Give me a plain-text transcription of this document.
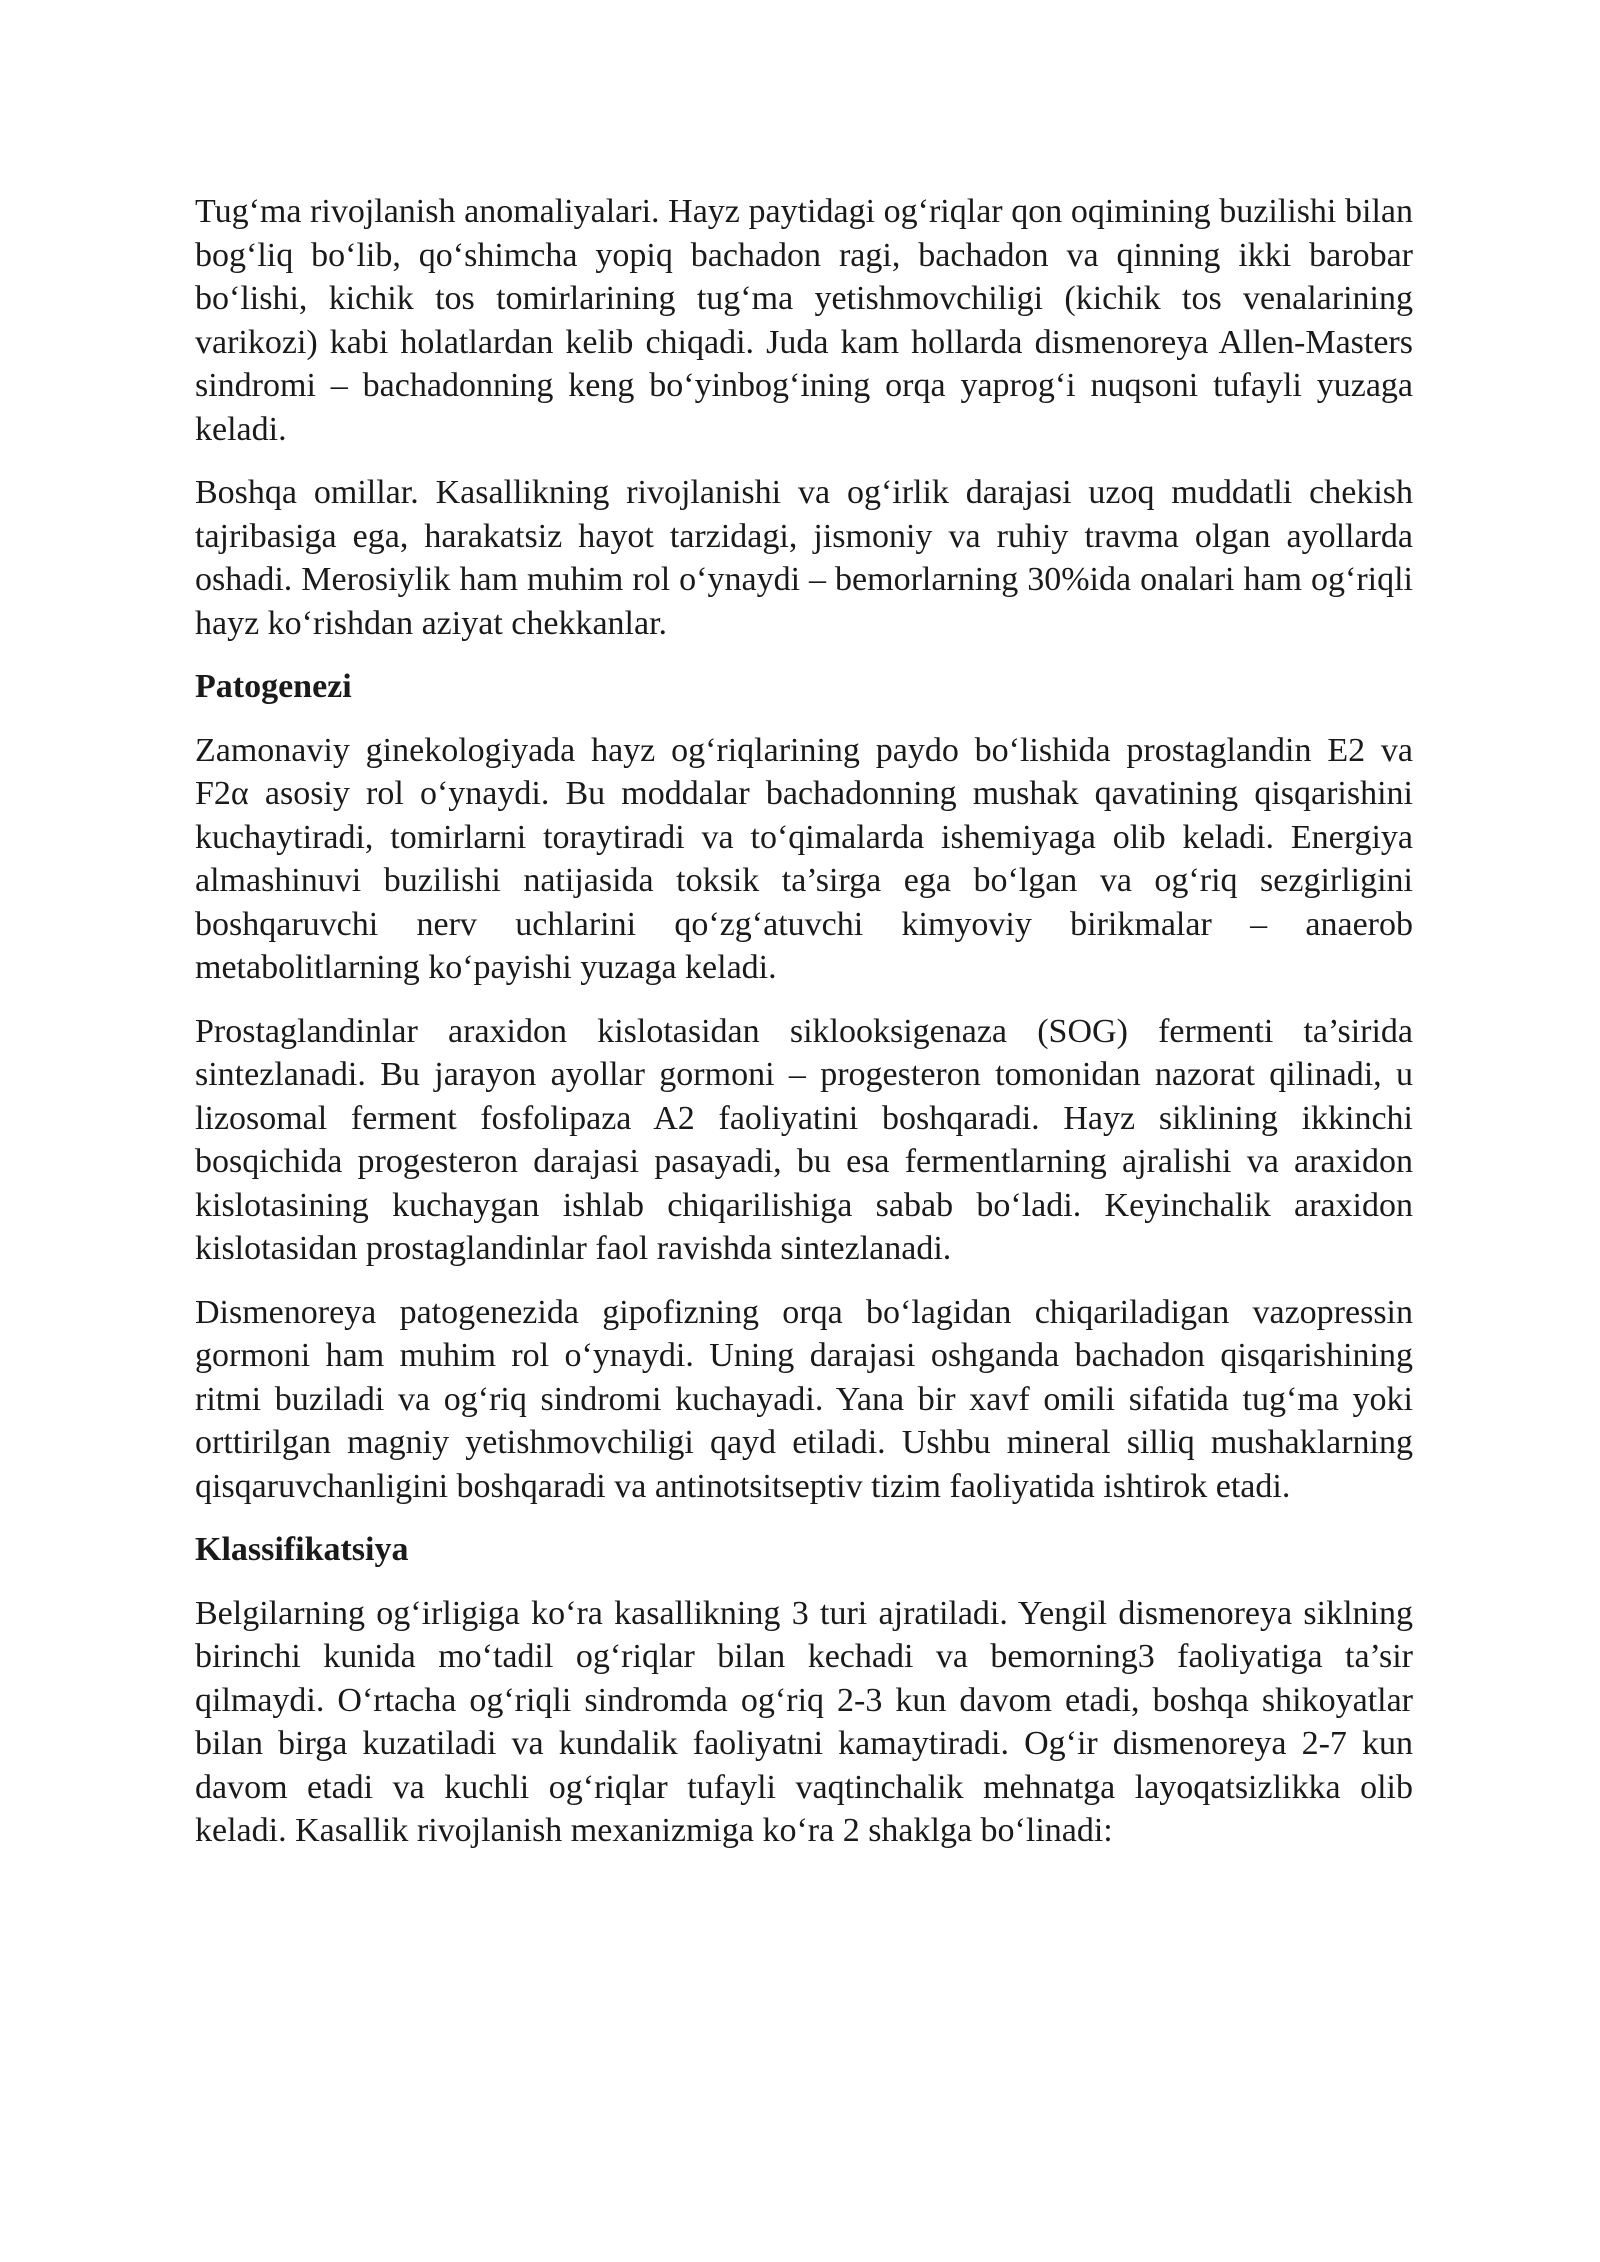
Tug‘ma rivojlanish anomaliyalari. Hayz paytidagi og‘riqlar qon oqimining buzilishi bilan bog‘liq bo‘lib, qo‘shimcha yopiq bachadon ragi, bachadon va qinning ikki barobar bo‘lishi, kichik tos tomirlarining tug‘ma yetishmovchiligi (kichik tos venalarining varikozi) kabi holatlardan kelib chiqadi. Juda kam hollarda dismenoreya Allen-Masters sindromi – bachadonning keng bo‘yinbog‘ining orqa yaprog‘i nuqsoni tufayli yuzaga keladi.

Boshqa omillar. Kasallikning rivojlanishi va og‘irlik darajasi uzoq muddatli chekish tajribasiga ega, harakatsiz hayot tarzidagi, jismoniy va ruhiy travma olgan ayollarda oshadi. Merosiylik ham muhim rol o‘ynaydi – bemorlarning 30%ida onalari ham og‘riqli hayz ko‘rishdan aziyat chekkanlar.

Patogenezi

Zamonaviy ginekologiyada hayz og‘riqlarining paydo bo‘lishida prostaglandin E2 va F2α asosiy rol o‘ynaydi. Bu moddalar bachadonning mushak qavatining qisqarishini kuchaytiradi, tomirlarni toraytiradi va to‘qimalarda ishemiyaga olib keladi. Energiya almashinuvi buzilishi natijasida toksik ta’sirga ega bo‘lgan va og‘riq sezgirligini boshqaruvchi nerv uchlarini qo‘zg‘atuvchi kimyoviy birikmalar – anaerob metabolitlarning ko‘payishi yuzaga keladi.

Prostaglandinlar araxidon kislotasidan siklooksigenaza (SOG) fermenti ta’sirida sintezlanadi. Bu jarayon ayollar gormoni – progesteron tomonidan nazorat qilinadi, u lizosomal ferment fosfolipaza A2 faoliyatini boshqaradi. Hayz siklining ikkinchi bosqichida progesteron darajasi pasayadi, bu esa fermentlarning ajralishi va araxidon kislotasining kuchaygan ishlab chiqarilishiga sabab bo‘ladi. Keyinchalik araxidon kislotasidan prostaglandinlar faol ravishda sintezlanadi.

Dismenoreya patogenezida gipofizning orqa bo‘lagidan chiqariladigan vazopressin gormoni ham muhim rol o‘ynaydi. Uning darajasi oshganda bachadon qisqarishining ritmi buziladi va og‘riq sindromi kuchayadi. Yana bir xavf omili sifatida tug‘ma yoki orttirilgan magniy yetishmovchiligi qayd etiladi. Ushbu mineral silliq mushaklarning qisqaruvchanligini boshqaradi va antinotsitseptiv tizim faoliyatida ishtirok etadi.

Klassifikatsiya

Belgilarning og‘irligiga ko‘ra kasallikning 3 turi ajratiladi. Yengil dismenoreya siklning birinchi kunida mo‘tadil og‘riqlar bilan kechadi va bemorning3 faoliyatiga ta’sir qilmaydi. O‘rtacha og‘riqli sindromda og‘riq 2-3 kun davom etadi, boshqa shikoyatlar bilan birga kuzatiladi va kundalik faoliyatni kamaytiradi. Og‘ir dismenoreya 2-7 kun davom etadi va kuchli og‘riqlar tufayli vaqtinchalik mehnatga layoqatsizlikka olib keladi. Kasallik rivojlanish mexanizmiga ko‘ra 2 shaklga bo‘linadi:
